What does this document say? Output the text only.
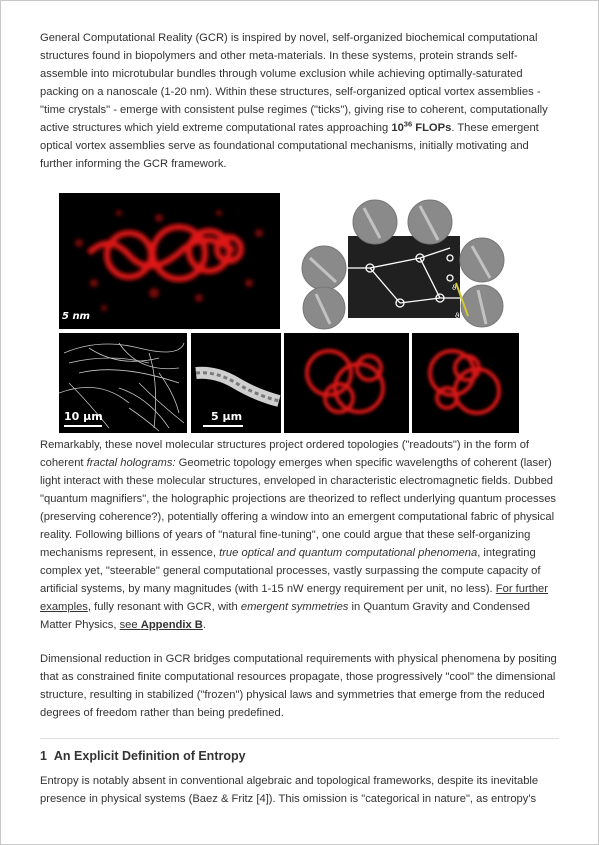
General Computational Reality (GCR) is inspired by novel, self-organized biochemical computational structures found in biopolymers and other meta-materials. In these systems, protein strands self-assemble into microtubular bundles through volume exclusion while achieving optimally-saturated packing on a nanoscale (1-20 nm). Within these structures, self-organized optical vortex assemblies - "time crystals" - emerge with consistent pulse regimes ("ticks"), giving rise to coherent, computationally active structures which yield extreme computational rates approaching $10^{36}$ FLOPs. These emergent optical vortex assemblies serve as foundational computational mechanisms, initially motivating and further informing the GCR framework.

5 nm
ϑ
ϑ₂
10 µm	5 µm

Remarkably, these novel molecular structures project ordered topologies ("readouts") in the form of coherent fractal holograms: Geometric topology emerges when specific wavelengths of coherent (laser) light interact with these molecular structures, enveloped in characteristic electromagnetic fields. Dubbed "quantum magnifiers", the holographic projections are theorized to reflect underlying quantum processes (preserving coherence?), potentially offering a window into an emergent computational fabric of physical reality. Following billions of years of "natural fine-tuning", one could argue that these self-organizing mechanisms represent, in essence, true optical and quantum computational phenomena, integrating complex yet, "steerable" general computational processes, vastly surpassing the compute capacity of artificial systems, by many magnitudes (with 1-15 nW energy requirement per unit, no less). For further examples, fully resonant with GCR, with emergent symmetries in Quantum Gravity and Condensed Matter Physics, see Appendix B.

Dimensional reduction in GCR bridges computational requirements with physical phenomena by positing that as constrained finite computational resources propagate, those progressively "cool" the dimensional structure, resulting in stabilized ("frozen") physical laws and symmetries that emerge from the reduced degrees of freedom rather than being predefined.

1 An Explicit Definition of Entropy

Entropy is notably absent in conventional algebraic and topological frameworks, despite its inevitable presence in physical systems (Baez & Fritz [4]). This omission is "categorical in nature", as entropy's
